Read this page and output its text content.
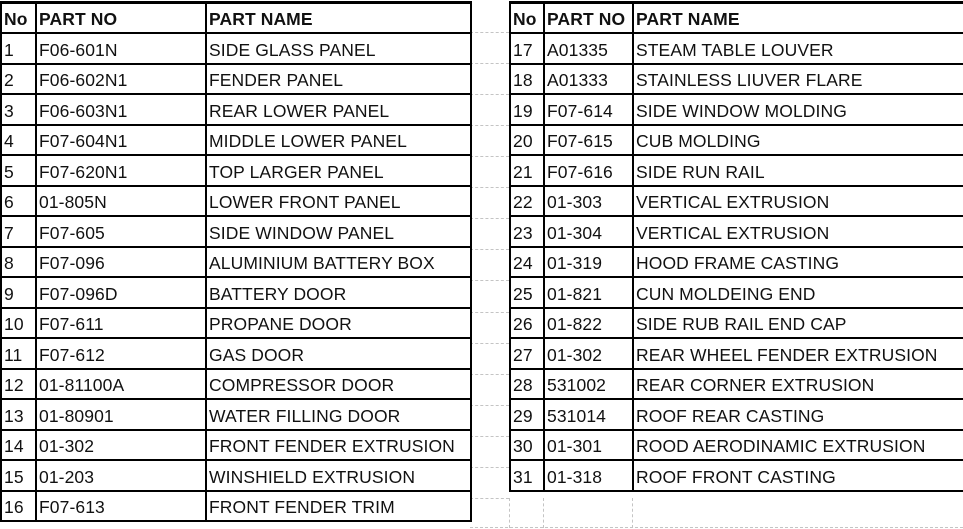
No	PART NO	PART NAME
1	F06-601N	SIDE GLASS PANEL
2	F06-602N1	FENDER PANEL
3	F06-603N1	REAR LOWER PANEL
4	F07-604N1	MIDDLE LOWER PANEL
5	F07-620N1	TOP LARGER PANEL
6	01-805N	LOWER FRONT PANEL
7	F07-605	SIDE WINDOW PANEL
8	F07-096	ALUMINIUM BATTERY BOX
9	F07-096D	BATTERY DOOR
10	F07-611	PROPANE DOOR
11	F07-612	GAS DOOR
12	01-81100A	COMPRESSOR DOOR
13	01-80901	WATER FILLING DOOR
14	01-302	FRONT FENDER EXTRUSION
15	01-203	WINSHIELD EXTRUSION
16	F07-613	FRONT FENDER TRIM
No	PART NO	PART NAME
17	A01335	STEAM TABLE LOUVER
18	A01333	STAINLESS LIUVER FLARE
19	F07-614	SIDE WINDOW MOLDING
20	F07-615	CUB MOLDING
21	F07-616	SIDE RUN RAIL
22	01-303	VERTICAL EXTRUSION
23	01-304	VERTICAL EXTRUSION
24	01-319	HOOD FRAME CASTING
25	01-821	CUN MOLDEING END
26	01-822	SIDE RUB RAIL END CAP
27	01-302	REAR WHEEL FENDER EXTRUSION
28	531002	REAR CORNER EXTRUSION
29	531014	ROOF REAR CASTING
30	01-301	ROOD AERODINAMIC EXTRUSION
31	01-318	ROOF FRONT CASTING
